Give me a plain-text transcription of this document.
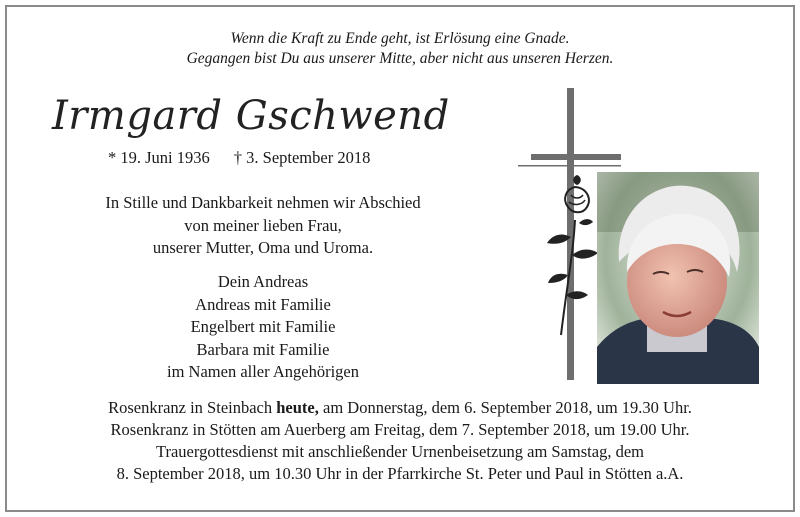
Wenn die Kraft zu Ende geht, ist Erlösung eine Gnade.
Gegangen bist Du aus unserer Mitte, aber nicht aus unseren Herzen.
Irmgard Gschwend
* 19. Juni 1936 † 3. September 2018
In Stille und Dankbarkeit nehmen wir Abschied
von meiner lieben Frau,
unserer Mutter, Oma und Uroma.
Dein Andreas
Andreas mit Familie
Engelbert mit Familie
Barbara mit Familie
im Namen aller Angehörigen
Rosenkranz in Steinbach heute, am Donnerstag, dem 6. September 2018, um 19.30 Uhr.
Rosenkranz in Stötten am Auerberg am Freitag, dem 7. September 2018, um 19.00 Uhr.
Trauergottesdienst mit anschließender Urnenbeisetzung am Samstag, dem
8. September 2018, um 10.30 Uhr in der Pfarrkirche St. Peter und Paul in Stötten a.A.
